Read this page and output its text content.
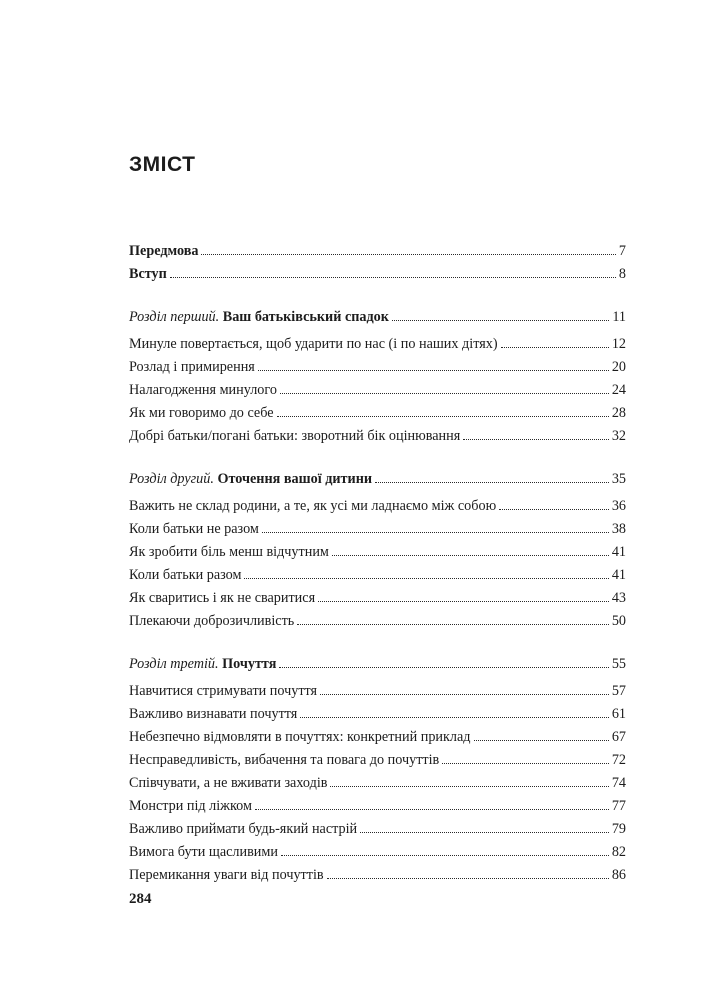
ЗМІСТ
Передмова	7
Вступ	8
Розділ перший. Ваш батьківський спадок	11
Минуле повертається, щоб ударити по нас (і по наших дітях)	12
Розлад і примирення	20
Налагодження минулого	24
Як ми говоримо до себе	28
Добрі батьки/погані батьки: зворотний бік оцінювання	32
Розділ другий. Оточення вашої дитини	35
Важить не склад родини, а те, як усі ми ладнаємо між собою	36
Коли батьки не разом	38
Як зробити біль менш відчутним	41
Коли батьки разом	41
Як сваритись і як не сваритися	43
Плекаючи доброзичливість	50
Розділ третій. Почуття	55
Навчитися стримувати почуття	57
Важливо визнавати почуття	61
Небезпечно відмовляти в почуттях: конкретний приклад	67
Несправедливість, вибачення та повага до почуттів	72
Співчувати, а не вживати заходів	74
Монстри під ліжком	77
Важливо приймати будь-який настрій	79
Вимога бути щасливими	82
Перемикання уваги від почуттів	86
284
